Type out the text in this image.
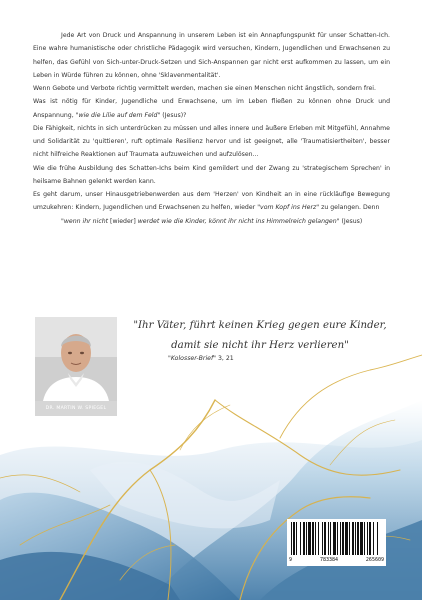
Jede Art von Druck und Anspannung in unserem Leben ist ein Annapfungspunkt für unser Schatten-Ich. Eine wahre humanistische oder christliche Pädagogik wird versuchen, Kindern, Jugendlichen und Erwachsenen zu helfen, das Gefühl von Sich-unter-Druck-Setzen und Sich-Anspannen gar nicht erst aufkommen zu lassen, um ein Leben in Würde führen zu können, ohne 'Sklavenmentalität'.

Wenn Gebote und Verbote richtig vermittelt werden, machen sie einen Menschen nicht ängstlich, sondern frei.

Was ist nötig für Kinder, Jugendliche und Erwachsene, um im Leben fließen zu können ohne Druck und Anspannung, "wie die Lilie auf dem Feld" (Jesus)?

Die Fähigkeit, nichts in sich unterdrücken zu müssen und alles innere und äußere Erleben mit Mitgefühl, Annahme und Solidarität zu 'quittieren', ruft optimale Resilienz hervor und ist geeignet, alle 'Traumatisiertheiten', besser nicht hilfreiche Reaktionen auf Traumata aufzuweichen und aufzulösen...

Wie die frühe Ausbildung des Schatten-Ichs beim Kind gemildert und der Zwang zu 'strategischem Sprechen' in heilsame Bahnen gelenkt werden kann.

Es geht darum, unser Hinausgetriebenwerden aus dem 'Herzen' von Kindheit an in eine rückläufige Bewegung umzukehren: Kindern, Jugendlichen und Erwachsenen zu helfen, wieder "vom Kopf ins Herz" zu gelangen. Denn

"wenn ihr nicht [wieder] werdet wie die Kinder, könnt ihr nicht ins Himmelreich gelangen" (Jesus)

DR. MARTIN W. SPIEGEL
"Ihr Väter, führt keinen Krieg gegen eure Kinder, damit sie nicht ihr Herz verlieren"
"Kolosser-Brief" 3, 21
9	783384	265609
